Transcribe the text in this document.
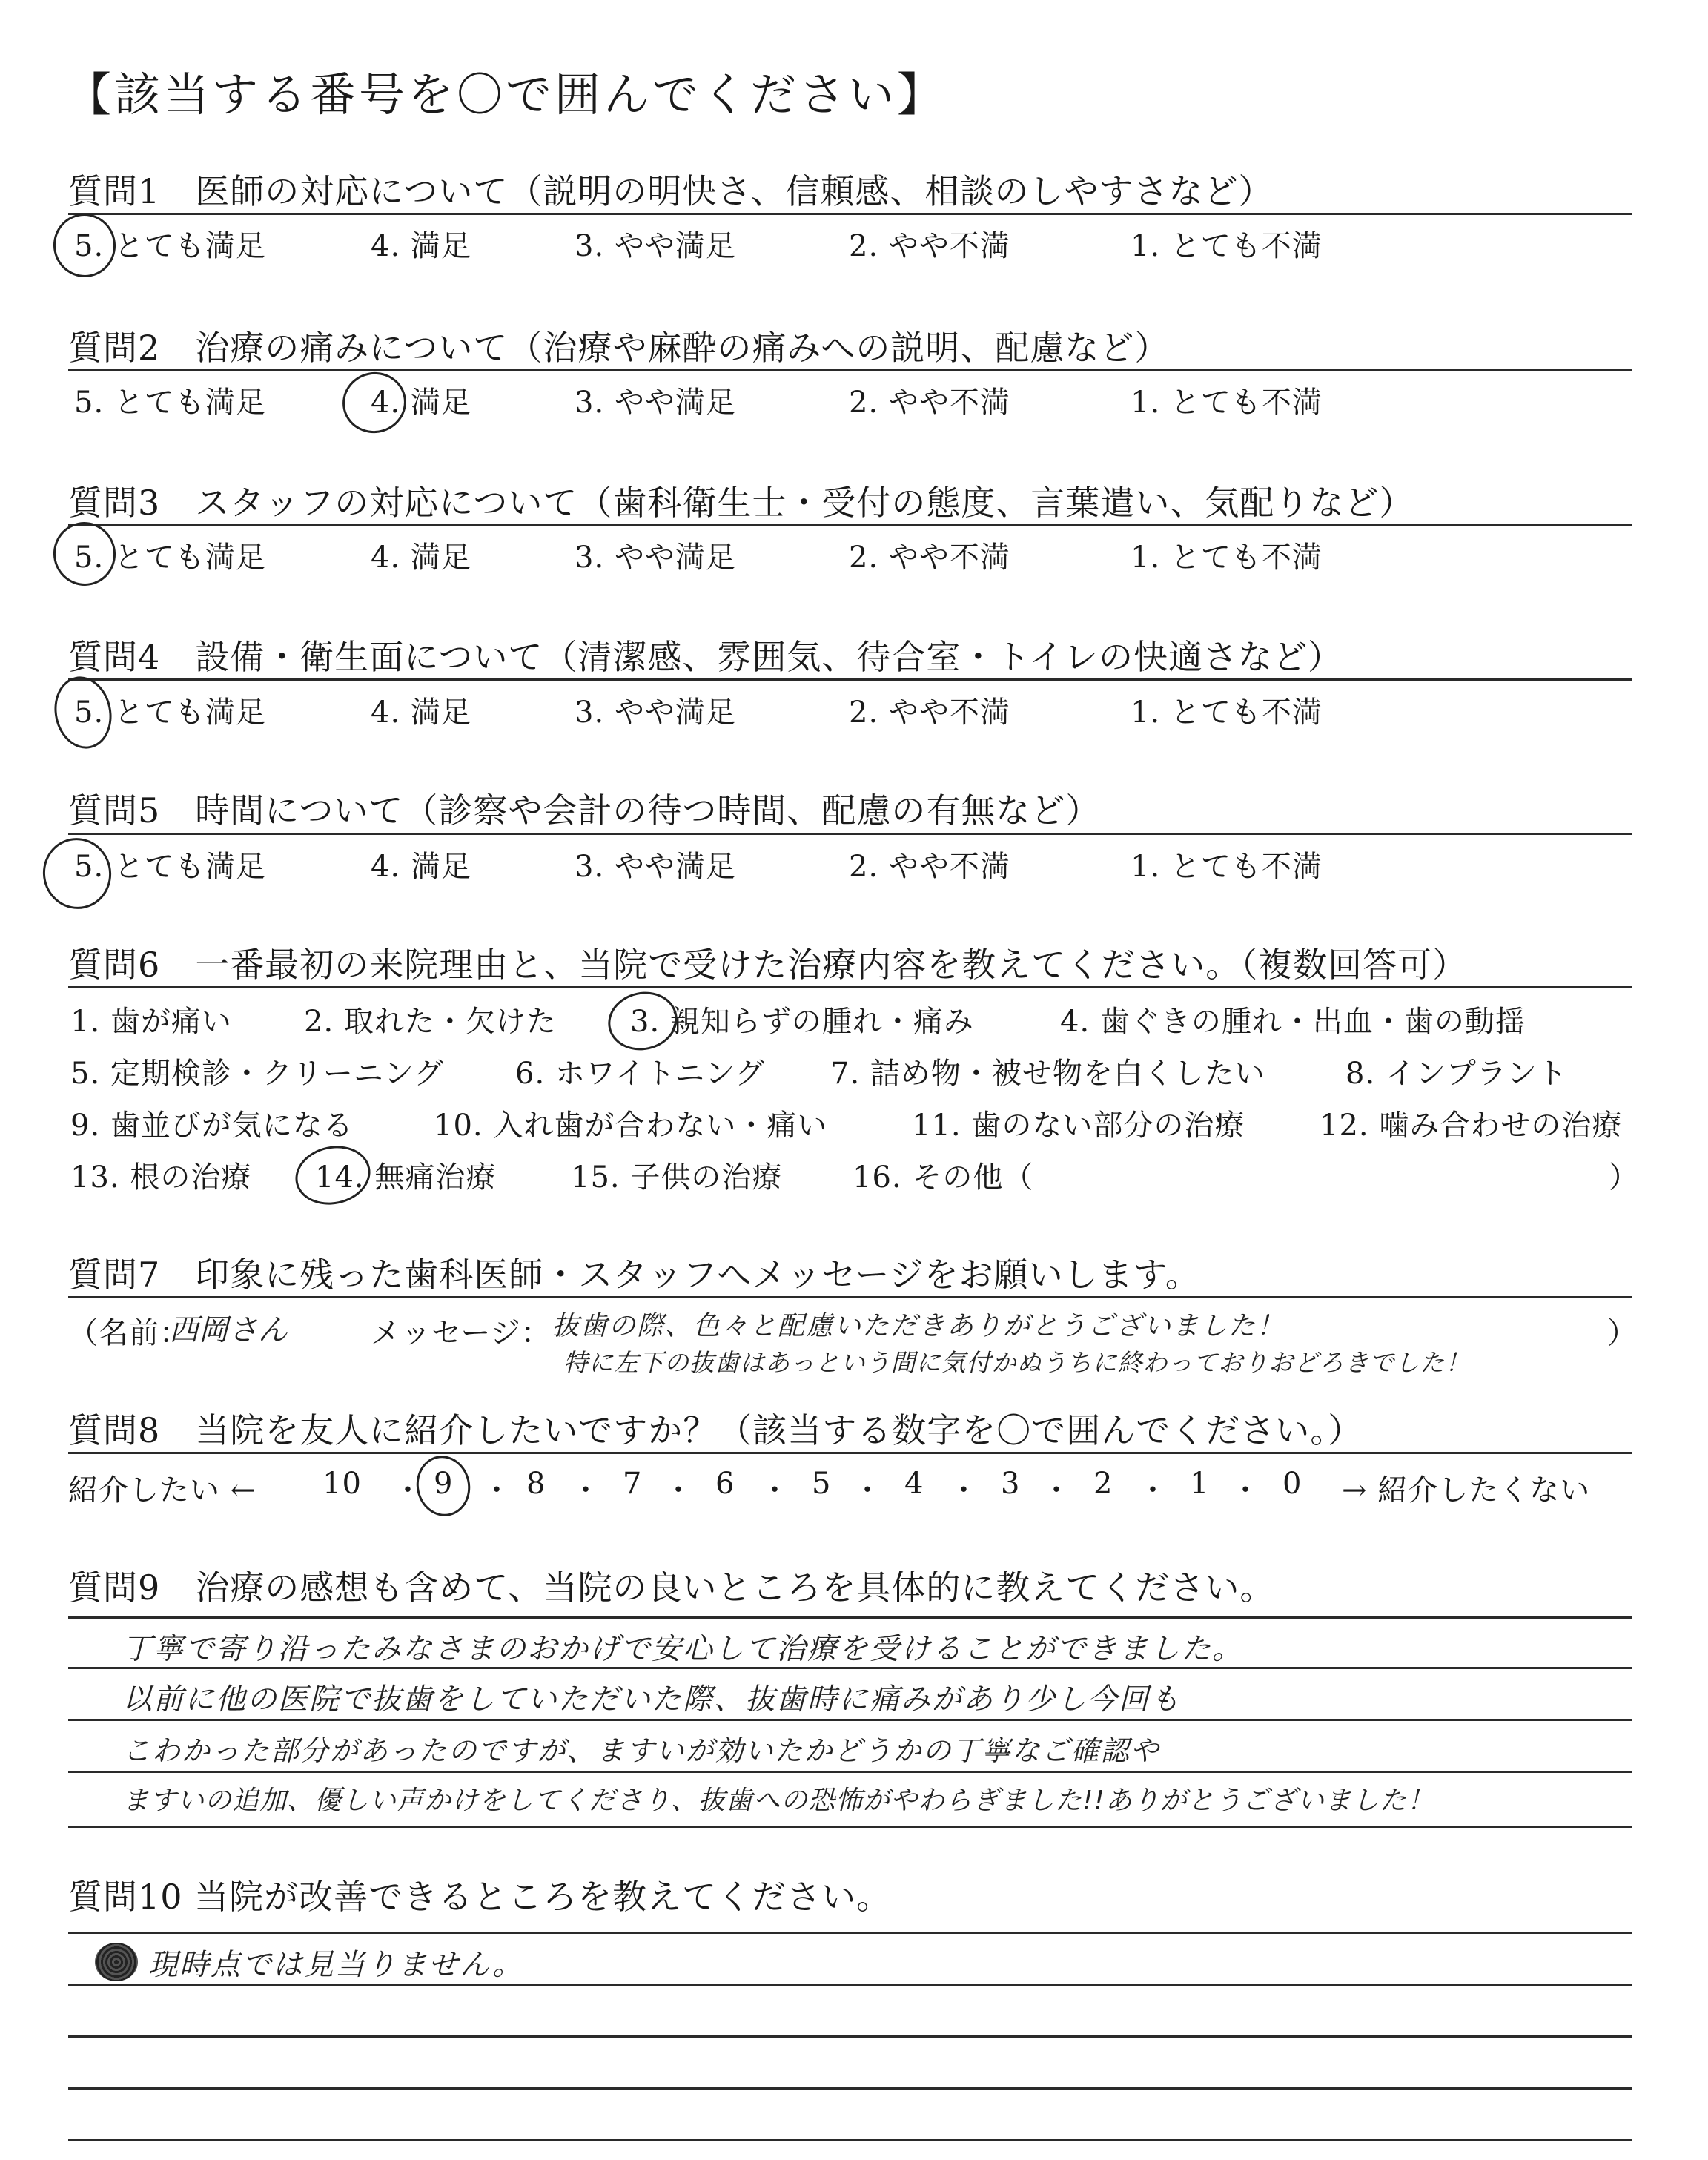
【該当する番号を〇で囲んでください】
質問1　医師の対応について（説明の明快さ、信頼感、相談のしやすさなど）
5. とても満足	4. 満足	3. やや満足	2. やや不満	1. とても不満
質問2　治療の痛みについて（治療や麻酔の痛みへの説明、配慮など）
5. とても満足	4. 満足	3. やや満足	2. やや不満	1. とても不満
質問3　スタッフの対応について（歯科衛生士・受付の態度、言葉遣い、気配りなど）
5. とても満足	4. 満足	3. やや満足	2. やや不満	1. とても不満
質問4　設備・衛生面について（清潔感、雰囲気、待合室・トイレの快適さなど）
5. とても満足	4. 満足	3. やや満足	2. やや不満	1. とても不満
質問5　時間について（診察や会計の待つ時間、配慮の有無など）
5. とても満足	4. 満足	3. やや満足	2. やや不満	1. とても不満
質問6　一番最初の来院理由と、当院で受けた治療内容を教えてください。（複数回答可）
1. 歯が痛い 2. 取れた・欠けた 3. 親知らずの腫れ・痛み	4. 歯ぐきの腫れ・出血・歯の動揺
5. 定期検診・クリーニング 6. ホワイトニング 7. 詰め物・被せ物を白くしたい	8. インプラント
9. 歯並びが気になる	10. 入れ歯が合わない・痛い	11. 歯のない部分の治療	12. 噛み合わせの治療
13. 根の治療 14. 無痛治療	15. 子供の治療 16. その他（	）
質問7　印象に残った歯科医師・スタッフへメッセージをお願いします。
（名前：
西岡さん	メッセージ： 抜歯の際、色々と配慮いただきありがとうございました！
特に左下の抜歯はあっという間に気付かぬうちに終わっておりおどろきでした！
）
質問8　当院を友人に紹介したいですか？（該当する数字を〇で囲んでください。）
紹介したい ← 10 ・ 9 ・ 8 ・ 7 ・ 6 ・ 5 ・ 4 ・ 3 ・ 2 ・ 1 ・ 0 → 紹介したくない
質問9　治療の感想も含めて、当院の良いところを具体的に教えてください。
丁寧で寄り沿ったみなさまのおかげで安心して治療を受けることができました。
以前に他の医院で抜歯をしていただいた際、抜歯時に痛みがあり少し今回も
こわかった部分があったのですが、ますいが効いたかどうかの丁寧なご確認や
ますいの追加、優しい声かけをしてくださり、抜歯への恐怖がやわらぎました!!ありがとうございました！
質問10 当院が改善できるところを教えてください。
現時点では見当りません。
